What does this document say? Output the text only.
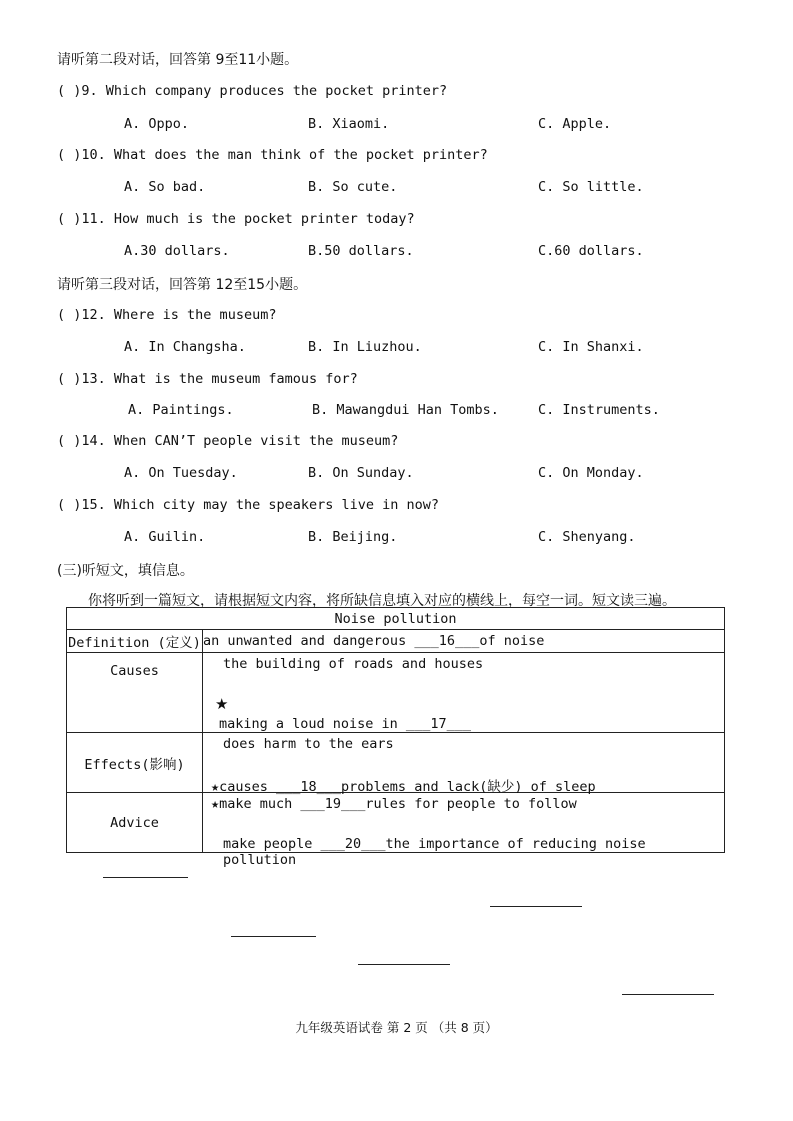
请听第二段对话，回答第 9至11小题。
( )9. Which company produces the pocket printer?
A. Oppo.	B. Xiaomi.	C. Apple.
( )10. What does the man think of the pocket printer?
A. So bad.	B. So cute.	C. So little.
( )11. How much is the pocket printer today?
A.30 dollars.	B.50 dollars.	C.60 dollars.
请听第三段对话，回答第 12至15小题。
( )12. Where is the museum?
A. In Changsha.	B. In Liuzhou.	C. In Shanxi.
( )13. What is the museum famous for?
A. Paintings.	B. Mawangdui Han Tombs.	C. Instruments.
( )14. When CAN’T people visit the museum?
A. On Tuesday.	B. On Sunday.	C. On Monday.
( )15. Which city may the speakers live in now?
A. Guilin.	B. Beijing.	C. Shenyang.
(三)听短文，填信息。
你将听到一篇短文，请根据短文内容，将所缺信息填入对应的横线上，每空一词。短文读三遍。
Noise pollution	
Definition (定义)	an unwanted and dangerous ___16___of noise

Causes	the building of roads and houses
★
making a loud noise in ___17___

Effects(影响)	does harm to the ears
★causes ___18___problems and lack(缺少) of sleep

Advice	★make much ___19___rules for people to follow
make people ___20___the importance of reducing noise pollution
九年级英语试卷 第 2 页 （共 8 页）
